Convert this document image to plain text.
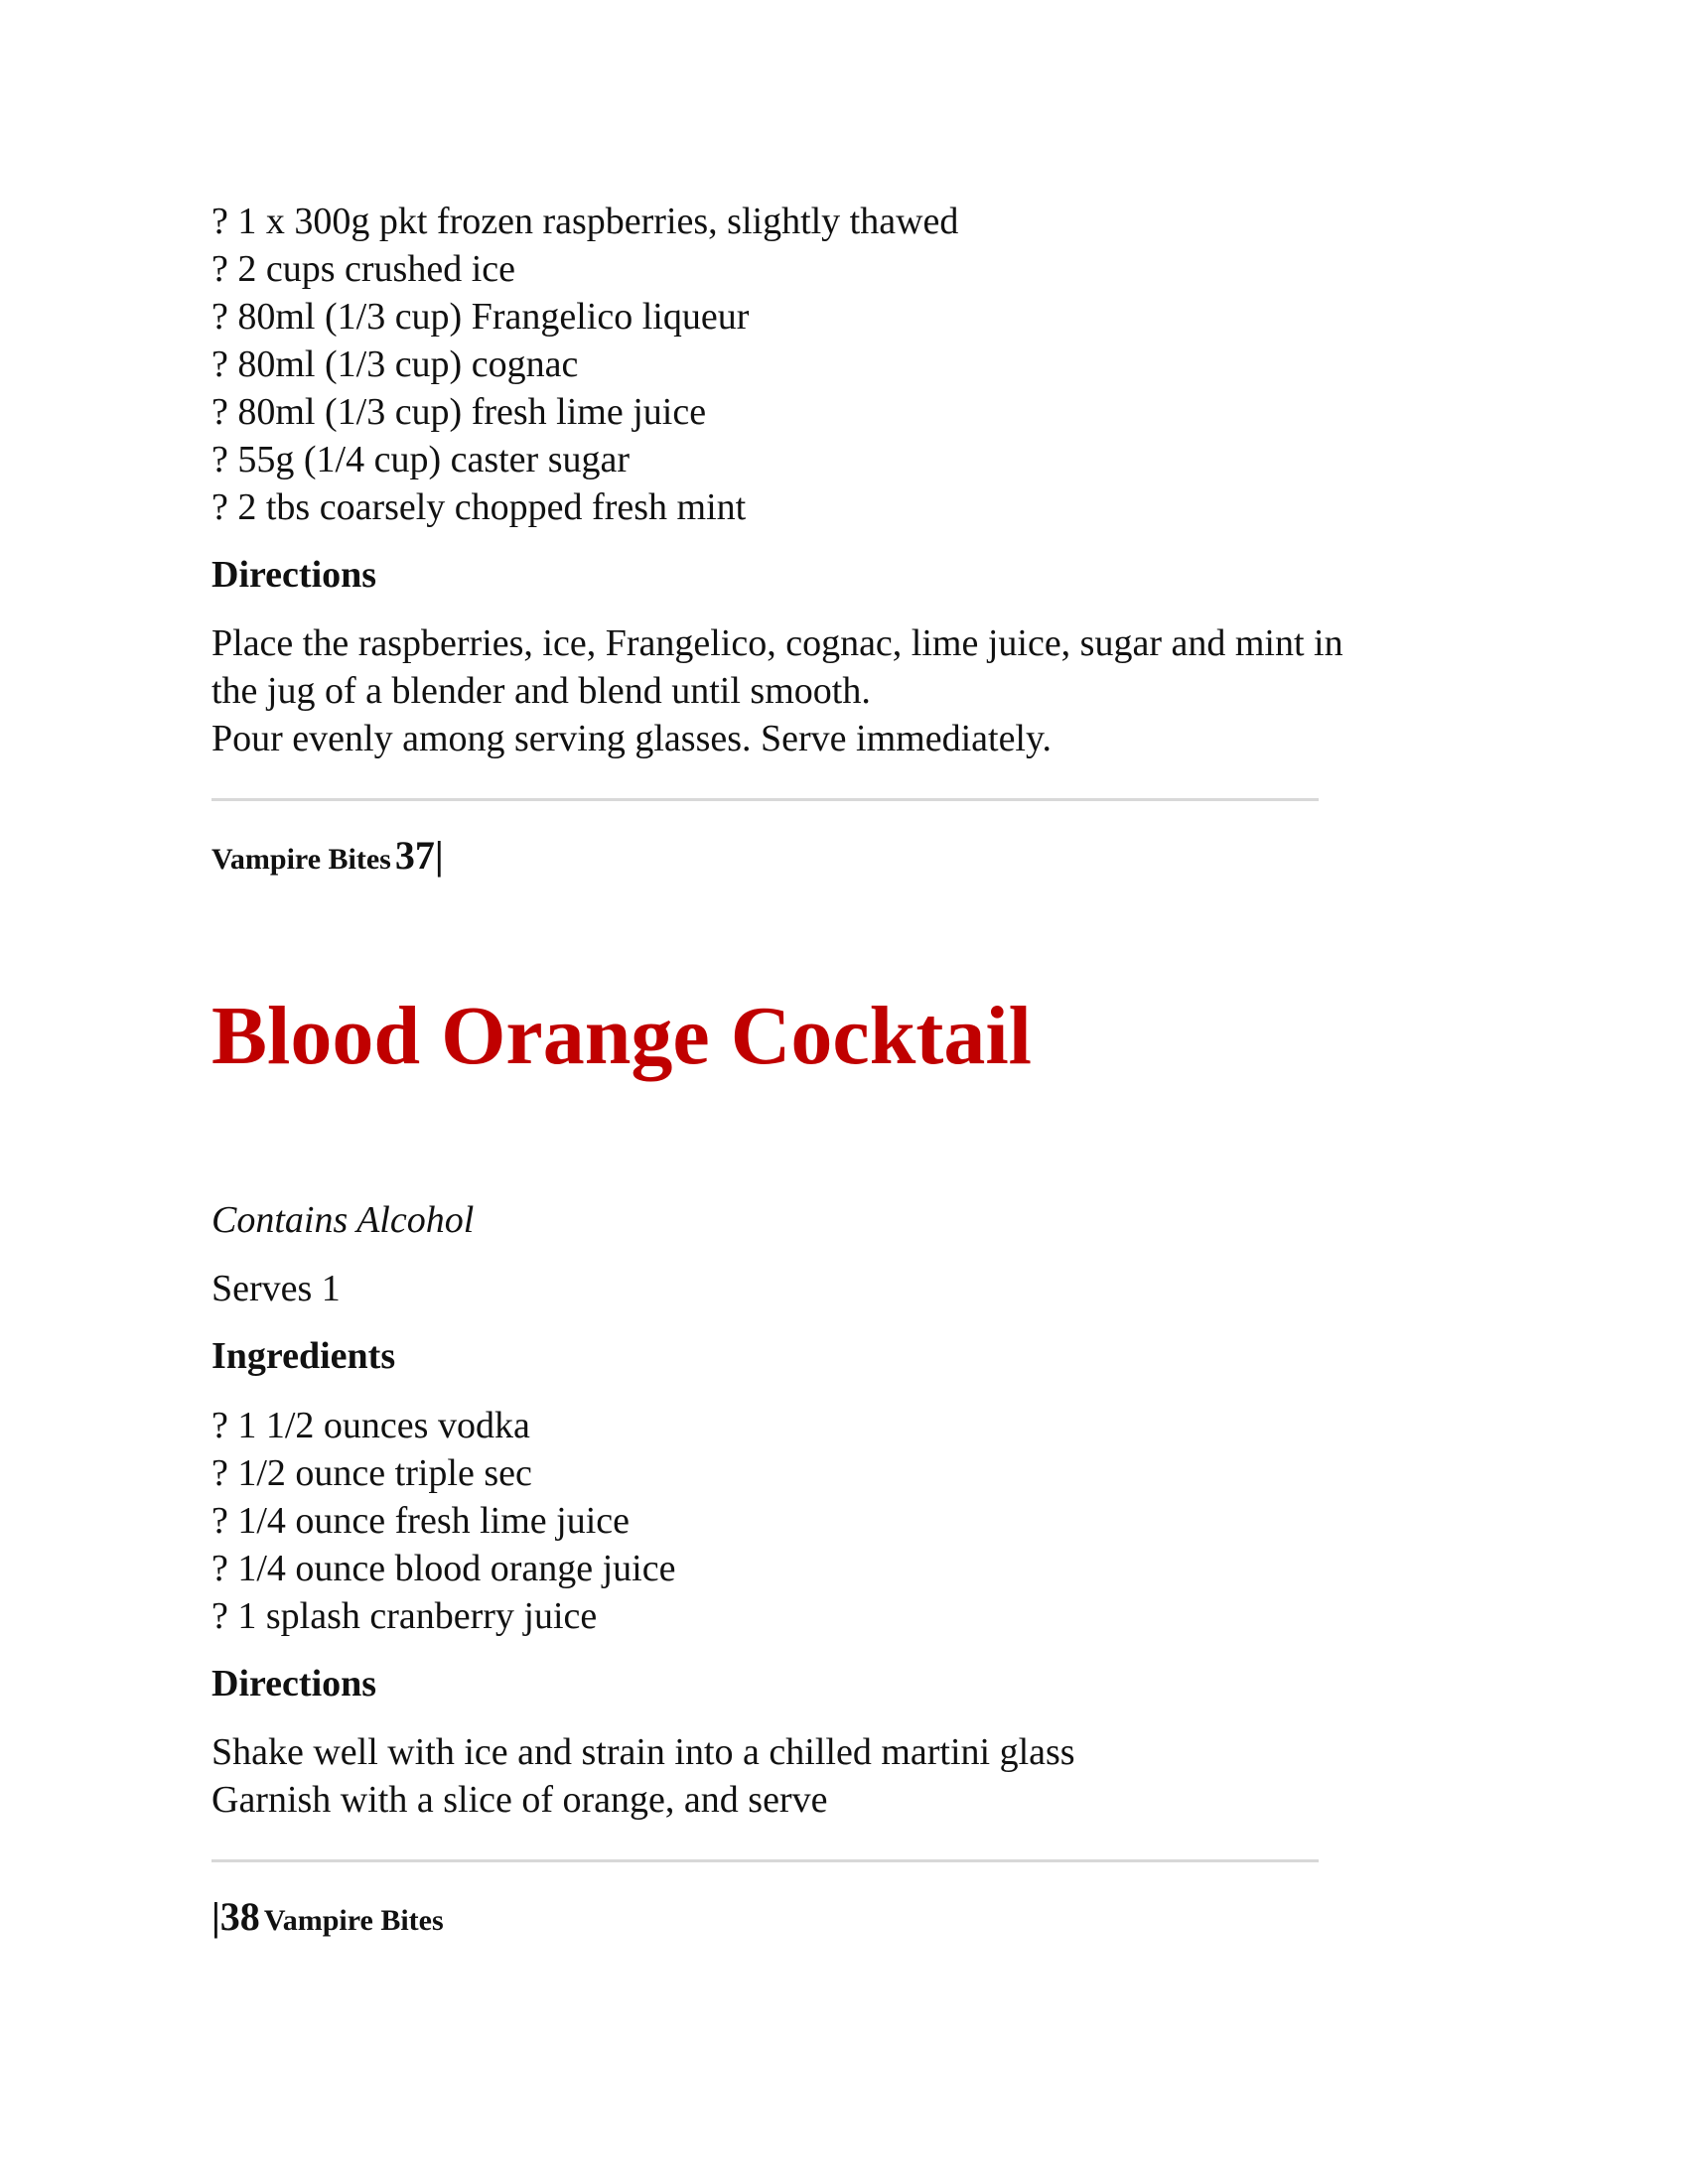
? 1 x 300g pkt frozen raspberries, slightly thawed
? 2 cups crushed ice
? 80ml (1/3 cup) Frangelico liqueur
? 80ml (1/3 cup) cognac
? 80ml (1/3 cup) fresh lime juice
? 55g (1/4 cup) caster sugar
? 2 tbs coarsely chopped fresh mint
Directions

Place the raspberries, ice, Frangelico, cognac, lime juice, sugar and mint in

the jug of a blender and blend until smooth.

Pour evenly among serving glasses. Serve immediately.

Vampire Bites 37|
Blood Orange Cocktail

Contains Alcohol

Serves 1

Ingredients
? 1 1/2 ounces vodka
? 1/2 ounce triple sec
? 1/4 ounce fresh lime juice
? 1/4 ounce blood orange juice
? 1 splash cranberry juice
Directions

Shake well with ice and strain into a chilled martini glass

Garnish with a slice of orange, and serve

|38 Vampire Bites
